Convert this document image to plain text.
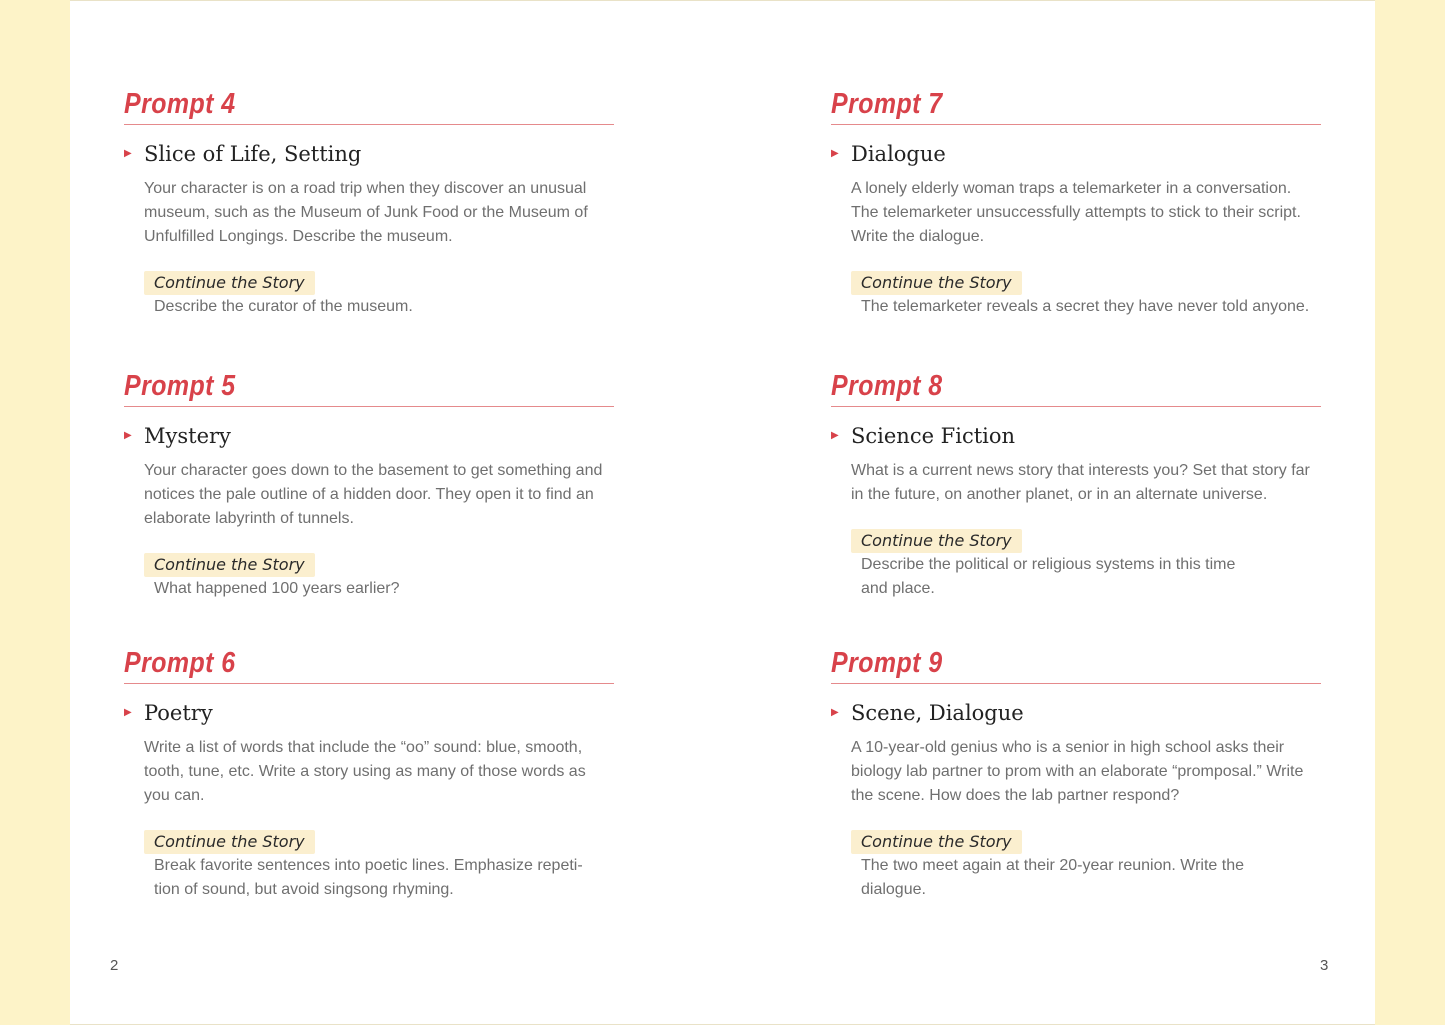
Prompt 4
▶ Slice of Life, Setting
Your character is on a road trip when they discover an unusual museum, such as the Museum of Junk Food or the Museum of Unfulfilled Longings. Describe the museum.
Continue the Story
Describe the curator of the museum.
Prompt 5
▶ Mystery
Your character goes down to the basement to get something and notices the pale outline of a hidden door. They open it to find an elaborate labyrinth of tunnels.
Continue the Story
What happened 100 years earlier?
Prompt 6
▶ Poetry
Write a list of words that include the “oo” sound: blue, smooth, tooth, tune, etc. Write a story using as many of those words as you can.
Continue the Story
Break favorite sentences into poetic lines. Emphasize repeti-tion of sound, but avoid singsong rhyming.
Prompt 7
▶ Dialogue
A lonely elderly woman traps a telemarketer in a conversation. The telemarketer unsuccessfully attempts to stick to their script. Write the dialogue.
Continue the Story
The telemarketer reveals a secret they have never told anyone.
Prompt 8
▶ Science Fiction
What is a current news story that interests you? Set that story far in the future, on another planet, or in an alternate universe.
Continue the Story
Describe the political or religious systems in this time and place.
Prompt 9
▶ Scene, Dialogue
A 10-year-old genius who is a senior in high school asks their biology lab partner to prom with an elaborate “promposal.” Write the scene. How does the lab partner respond?
Continue the Story
The two meet again at their 20-year reunion. Write the dialogue.
2	3
